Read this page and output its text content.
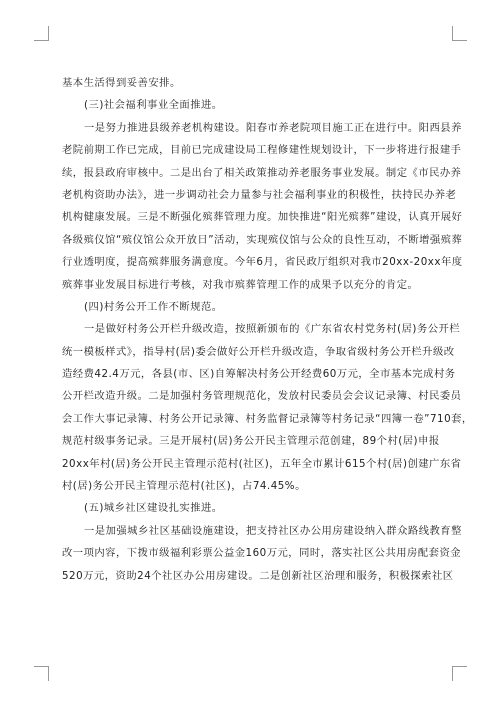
基本生活得到妥善安排。
(三)社会福利事业全面推进。
一是努力推进县级养老机构建设。阳春市养老院项目施工正在进行中。阳西县养
老院前期工作已完成，目前已完成建设局工程修建性规划设计，下一步将进行报建手
续，报县政府审核中。二是出台了相关政策推动养老服务事业发展。制定《市民办养
老机构资助办法》，进一步调动社会力量参与社会福利事业的积极性，扶持民办养老
机构健康发展。三是不断强化殡葬管理力度。加快推进“阳光殡葬”建设，认真开展好
各级殡仪馆“殡仪馆公众开放日”活动，实现殡仪馆与公众的良性互动，不断增强殡葬
行业透明度，提高殡葬服务满意度。今年6月，省民政厅组织对我市20xx-20xx年度
殡葬事业发展目标进行考核，对我市殡葬管理工作的成果予以充分的肯定。
(四)村务公开工作不断规范。
一是做好村务公开栏升级改造，按照新颁布的《广东省农村党务村(居)务公开栏
统一模板样式》，指导村(居)委会做好公开栏升级改造，争取省级村务公开栏升级改
造经费42.4万元，各县(市、区)自筹解决村务公开经费60万元，全市基本完成村务
公开栏改造升级。二是加强村务管理规范化，发放村民委员会会议记录簿、村民委员
会工作大事记录簿、村务公开记录簿、村务监督记录簿等村务记录“四簿一卷”710套，
规范村级事务记录。三是开展村(居)务公开民主管理示范创建，89个村(居)申报
20xx年村(居)务公开民主管理示范村(社区)，五年全市累计615个村(居)创建广东省
村(居)务公开民主管理示范村(社区)，占74.45%。
(五)城乡社区建设扎实推进。
一是加强城乡社区基础设施建设，把支持社区办公用房建设纳入群众路线教育整
改一项内容，下拨市级福利彩票公益金160万元，同时，落实社区公共用房配套资金
520万元，资助24个社区办公用房建设。二是创新社区治理和服务，积极探索社区
